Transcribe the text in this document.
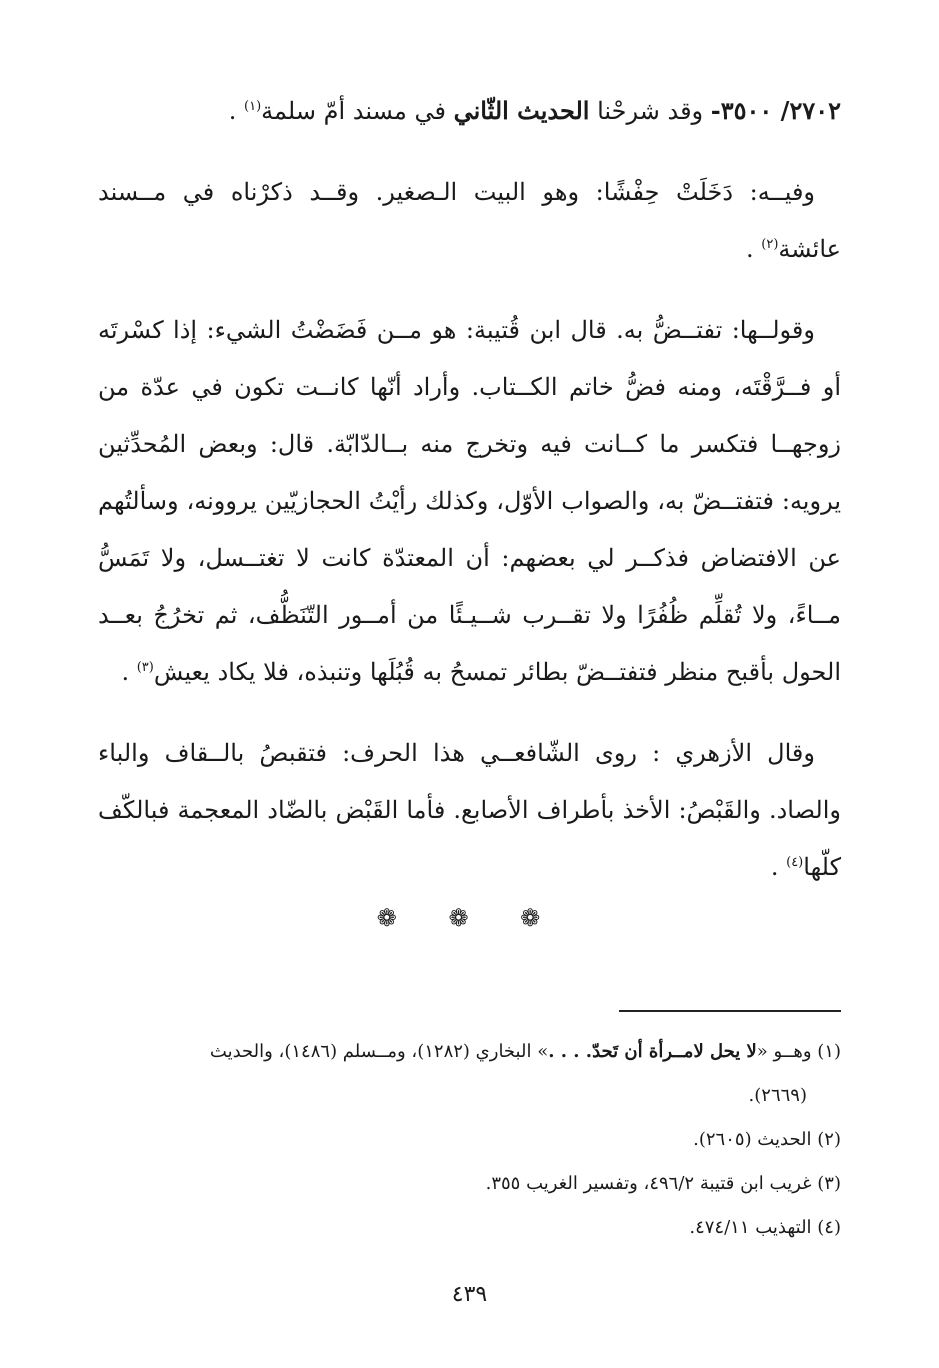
٢٧٠٢/ ٣٥٠٠- وقد شرحْنا الحديث الثّاني في مسند أمّ سلمة$^{(١)}$ .

وفيــه: دَخَلَتْ حِفْشًا: وهو البيت الـصغير. وقــد ذكرْناه في مــسند عائشة$^{(٢)}$ .

وقولــها: تفتــضُّ به. قال ابن قُتيبة: هو مــن فَضَضْتُ الشيء: إذا كسْرتَه أو فــرَّقْتَه، ومنه فضُّ خاتم الكــتاب. وأراد أنّها كانــت تكون في عدّة من زوجهــا فتكسر ما كــانت فيه وتخرج منه بــالدّابّة. قال: وبعض المُحدِّثين يرويه: فتفتــضّ به، والصواب الأوّل، وكذلك رأيْتُ الحجازيّين يروونه، وسألتُهم عن الافتضاض فذكــر لي بعضهم: أن المعتدّة كانت لا تغتــسل، ولا تَمَسُّ مــاءً، ولا تُقلِّم ظُفُرًا ولا تقــرب شــيـئًا من أمــور التّنَظُّف، ثم تخرُجُ بعــد الحول بأقبح منظر فتفتــضّ بطائر تمسحُ به قُبُلَها وتنبذه، فلا يكاد يعيش$^{(٣)}$ .

وقال الأزهري : روى الشّافعــي هذا الحرف: فتقبصُ بالــقاف والباء والصاد. والقَبْصُ: الأخذ بأطراف الأصابع. فأما القَبْض بالضّاد المعجمة فبالكّف كلّها$^{(٤)}$ .

❁ ❁ ❁

(١) وهــو «لا يحل لامــرأة أن تَحدّ. . . .» البخاري (١٢٨٢)، ومــسلم (١٤٨٦)، والحديث

(٢٦٦٩).

(٢) الحديث (٢٦٠٥).

(٣) غريب ابن قتيبة ٤٩٦/٢، وتفسير الغريب ٣٥٥.

(٤) التهذيب ٤٧٤/١١.

٤٣٩
